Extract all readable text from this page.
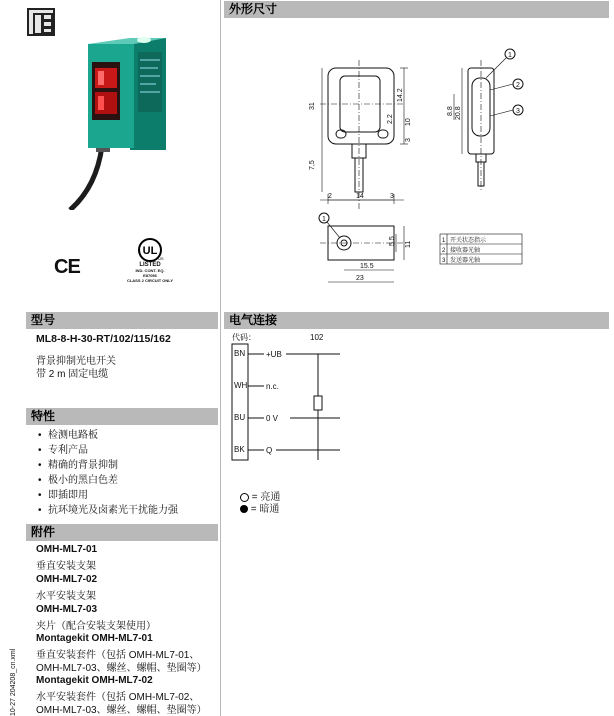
CE
UL
c
US
LISTED
IND. CONT. EQ.
E87056
CLASS 2 CIRCUIT ONLY
型号
ML8-8-H-30-RT/102/115/162
背景抑制光电开关
带 2 m 固定电缆
特性
• 检测电路板
• 专利产品
• 精确的背景抑制
• 极小的黑白色差
• 即插即用
• 抗环境光及卤素光干扰能力强
附件
OMH-ML7-01
垂直安装支架
OMH-ML7-02
水平安装支架
OMH-ML7-03
夹片（配合安装支架使用）
Montagekit OMH-ML7-01
垂直安装套件（包括 OMH-ML7-01、
OMH-ML7-03、螺丝、螺帽、垫圈等）
Montagekit OMH-ML7-02
水平安装套件（包括 OMH-ML7-02、
OMH-ML7-03、螺丝、螺帽、垫圈等）
10-27 204208_cn.xml
外形尺寸
31
7,5
14.2
2.2
3
10
2	14	3
20.8
8.8
1
2
3
1
5.5 11
15.5
23
1 开关状态指示
2 接收器光轴
3 发送器光轴
电气连接
代码：	102
BN	+UB
WH n.c.
BU	0 V
BK	Q
= 亮通
= 暗通
